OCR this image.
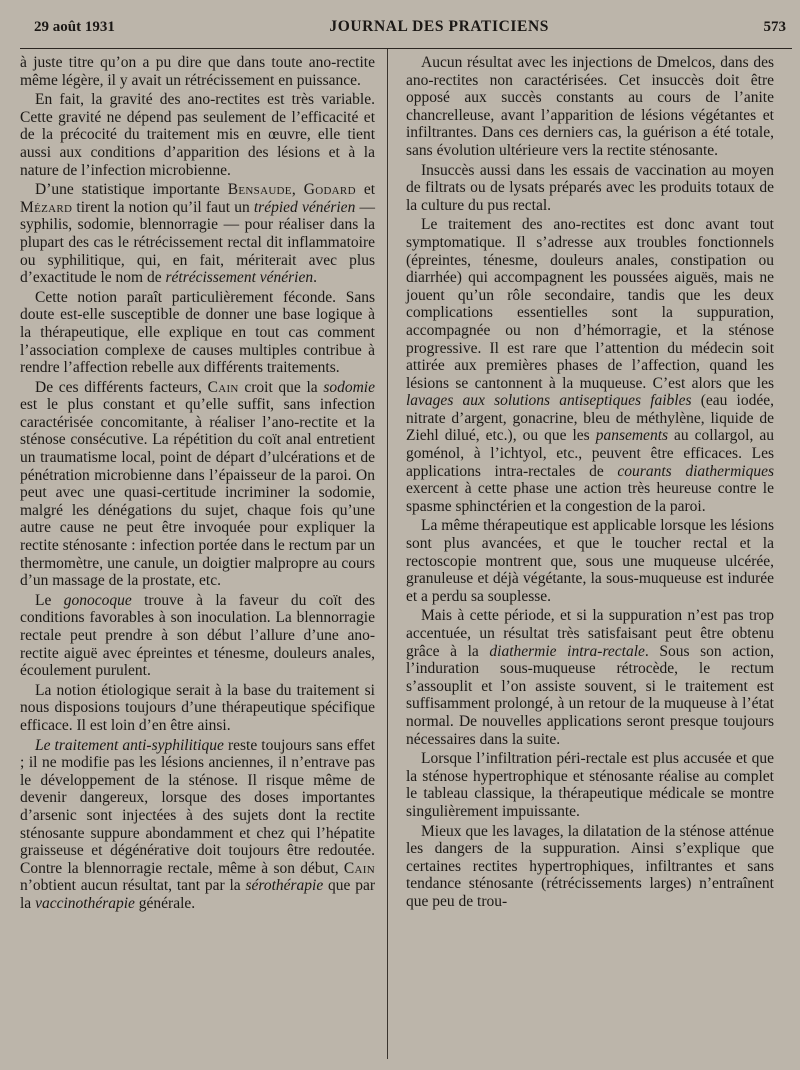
29 août 1931	JOURNAL DES PRATICIENS	573

à juste titre qu’on a pu dire que dans toute ano-rectite même légère, il y avait un rétrécissement en puissance.

En fait, la gravité des ano-rectites est très variable. Cette gravité ne dépend pas seulement de l’efficacité et de la précocité du traitement mis en œuvre, elle tient aussi aux conditions d’apparition des lésions et à la nature de l’infection microbienne.

D’une statistique importante Bensaude, Godard et Mézard tirent la notion qu’il faut un trépied vénérien — syphilis, sodomie, blennorragie — pour réaliser dans la plupart des cas le rétrécissement rectal dit inflammatoire ou syphilitique, qui, en fait, mériterait avec plus d’exactitude le nom de rétrécissement vénérien.

Cette notion paraît particulièrement féconde. Sans doute est-elle susceptible de donner une base logique à la thérapeutique, elle explique en tout cas comment l’association complexe de causes multiples contribue à rendre l’affection rebelle aux différents traitements.

De ces différents facteurs, Cain croit que la sodomie est le plus constant et qu’elle suffit, sans infection caractérisée concomitante, à réaliser l’ano-rectite et la sténose consécutive. La répétition du coït anal entretient un traumatisme local, point de départ d’ulcérations et de pénétration microbienne dans l’épaisseur de la paroi. On peut avec une quasi-certitude incriminer la sodomie, malgré les dénégations du sujet, chaque fois qu’une autre cause ne peut être invoquée pour expliquer la rectite sténosante : infection portée dans le rectum par un thermomètre, une canule, un doigtier malpropre au cours d’un massage de la prostate, etc.

Le gonocoque trouve à la faveur du coït des conditions favorables à son inoculation. La blennorragie rectale peut prendre à son début l’allure d’une ano-rectite aiguë avec épreintes et ténesme, douleurs anales, écoulement purulent.

La notion étiologique serait à la base du traitement si nous disposions toujours d’une thérapeutique spécifique efficace. Il est loin d’en être ainsi.

Le traitement anti-syphilitique reste toujours sans effet ; il ne modifie pas les lésions anciennes, il n’entrave pas le développement de la sténose. Il risque même de devenir dangereux, lorsque des doses importantes d’arsenic sont injectées à des sujets dont la rectite sténosante suppure abondamment et chez qui l’hépatite graisseuse et dégénérative doit toujours être redoutée. Contre la blennorragie rectale, même à son début, Cain n’obtient aucun résultat, tant par la sérothérapie que par la vaccinothérapie générale.

Aucun résultat avec les injections de Dmelcos, dans des ano-rectites non caractérisées. Cet insuccès doit être opposé aux succès constants au cours de l’anite chancrelleuse, avant l’apparition de lésions végétantes et infiltrantes. Dans ces derniers cas, la guérison a été totale, sans évolution ultérieure vers la rectite sténosante.

Insuccès aussi dans les essais de vaccination au moyen de filtrats ou de lysats préparés avec les produits totaux de la culture du pus rectal.

Le traitement des ano-rectites est donc avant tout symptomatique. Il s’adresse aux troubles fonctionnels (épreintes, ténesme, douleurs anales, constipation ou diarrhée) qui accompagnent les poussées aiguës, mais ne jouent qu’un rôle secondaire, tandis que les deux complications essentielles sont la suppuration, accompagnée ou non d’hémorragie, et la sténose progressive. Il est rare que l’attention du médecin soit attirée aux premières phases de l’affection, quand les lésions se cantonnent à la muqueuse. C’est alors que les lavages aux solutions antiseptiques faibles (eau iodée, nitrate d’argent, gonacrine, bleu de méthylène, liquide de Ziehl dilué, etc.), ou que les pansements au collargol, au goménol, à l’ichtyol, etc., peuvent être efficaces. Les applications intra-rectales de courants diathermiques exercent à cette phase une action très heureuse contre le spasme sphinctérien et la congestion de la paroi.

La même thérapeutique est applicable lorsque les lésions sont plus avancées, et que le toucher rectal et la rectoscopie montrent que, sous une muqueuse ulcérée, granuleuse et déjà végétante, la sous-muqueuse est indurée et a perdu sa souplesse.

Mais à cette période, et si la suppuration n’est pas trop accentuée, un résultat très satisfaisant peut être obtenu grâce à la diathermie intra-rectale. Sous son action, l’induration sous-muqueuse rétrocède, le rectum s’assouplit et l’on assiste souvent, si le traitement est suffisamment prolongé, à un retour de la muqueuse à l’état normal. De nouvelles applications seront presque toujours nécessaires dans la suite.

Lorsque l’infiltration péri-rectale est plus accusée et que la sténose hypertrophique et sténosante réalise au complet le tableau classique, la thérapeutique médicale se montre singulièrement impuissante.

Mieux que les lavages, la dilatation de la sténose atténue les dangers de la suppuration. Ainsi s’explique que certaines rectites hypertrophiques, infiltrantes et sans tendance sténosante (rétrécissements larges) n’entraînent que peu de trou-
